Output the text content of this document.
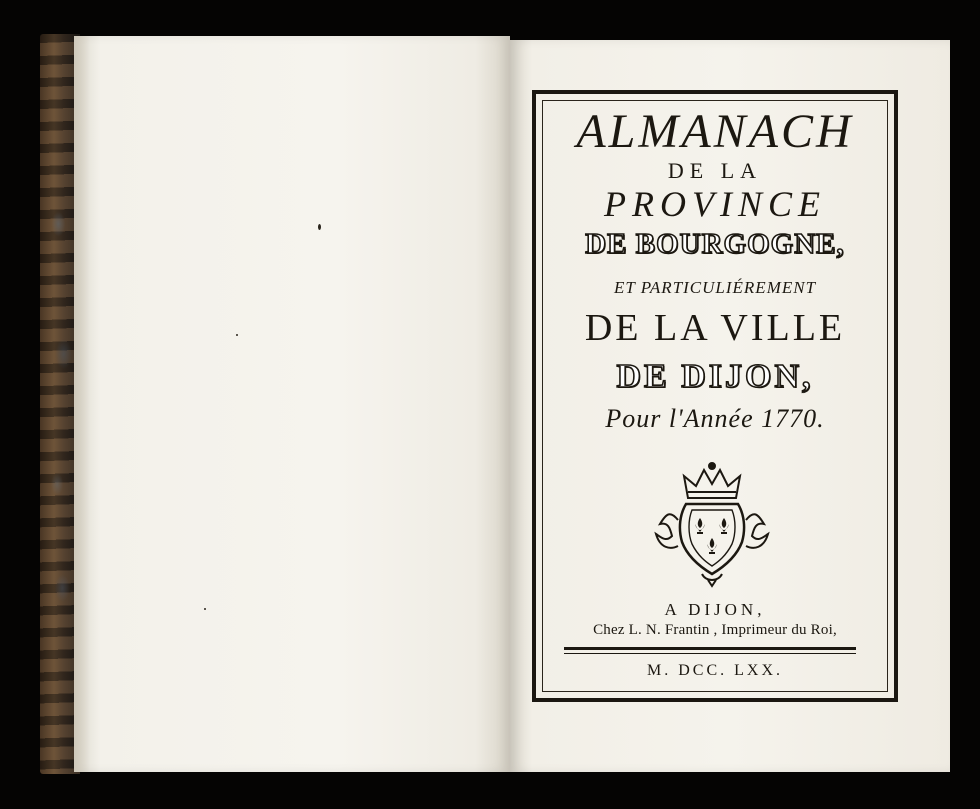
ALMANACH
DE LA
PROVINCE
DE BOURGOGNE,
ET PARTICULIÉREMENT
DE LA VILLE
DE DIJON,
Pour l'Année 1770.
A DIJON,
Chez L. N. Frantin , Imprimeur du Roi,
M. DCC. LXX.
